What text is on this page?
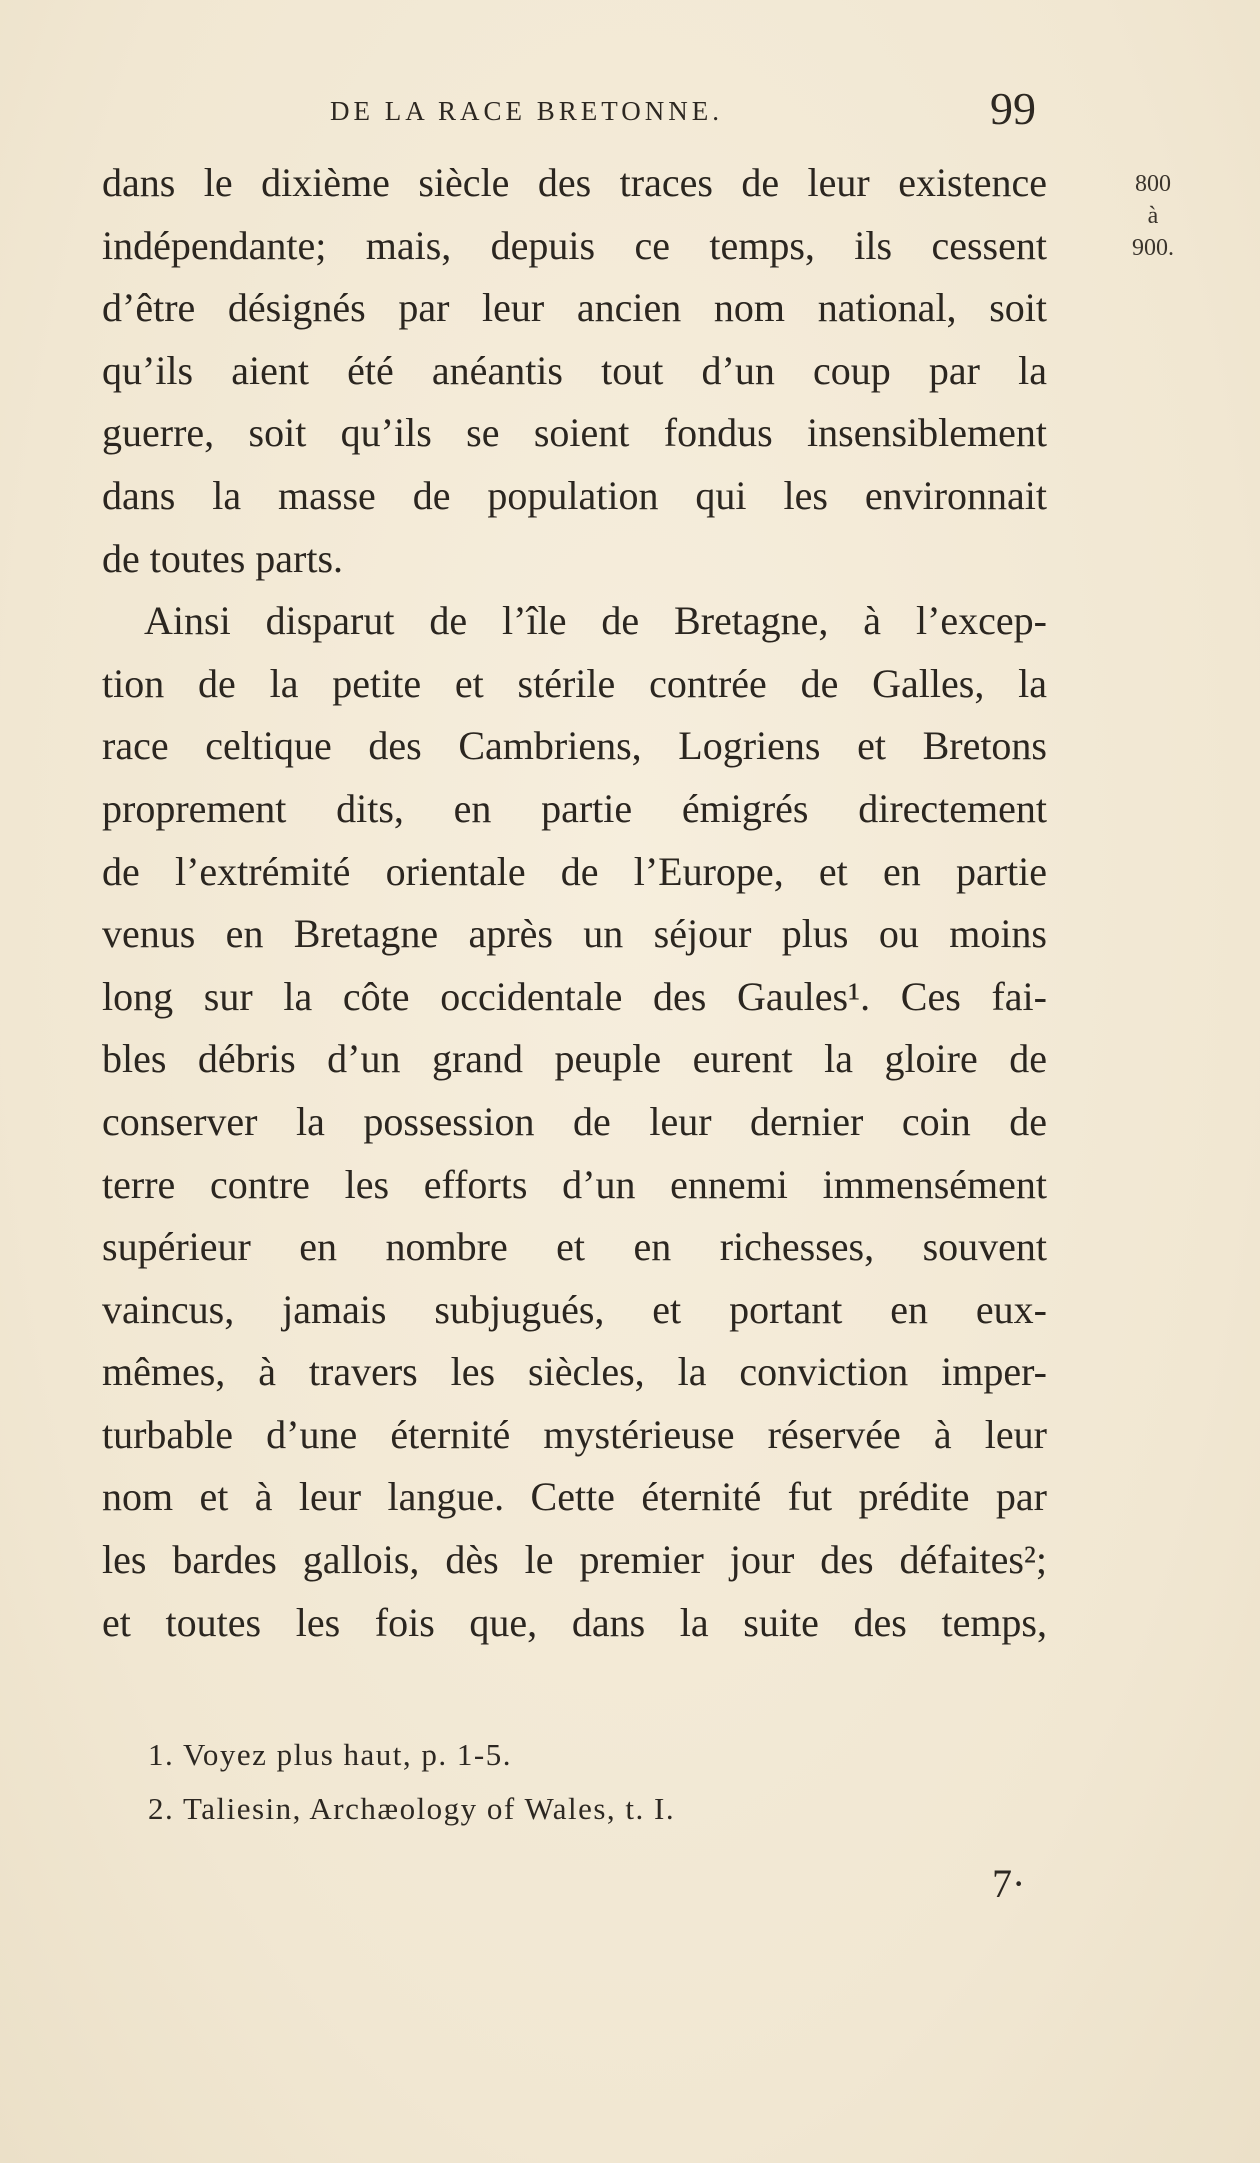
DE LA RACE BRETONNE.	99
800
à
900.
dans le dixième siècle des traces de leur existence
indépendante; mais, depuis ce temps, ils cessent
d’être désignés par leur ancien nom national, soit
qu’ils aient été anéantis tout d’un coup par la
guerre, soit qu’ils se soient fondus insensiblement
dans la masse de population qui les environnait
de toutes parts.
Ainsi disparut de l’île de Bretagne, à l’excep-
tion de la petite et stérile contrée de Galles, la
race celtique des Cambriens, Logriens et Bretons
proprement dits, en partie émigrés directement
de l’extrémité orientale de l’Europe, et en partie
venus en Bretagne après un séjour plus ou moins
long sur la côte occidentale des Gaules¹. Ces fai-
bles débris d’un grand peuple eurent la gloire de
conserver la possession de leur dernier coin de
terre contre les efforts d’un ennemi immensément
supérieur en nombre et en richesses, souvent
vaincus, jamais subjugués, et portant en eux-
mêmes, à travers les siècles, la conviction imper-
turbable d’une éternité mystérieuse réservée à leur
nom et à leur langue. Cette éternité fut prédite par
les bardes gallois, dès le premier jour des défaites²;
et toutes les fois que, dans la suite des temps,
1. Voyez plus haut, p. 1-5.
2. Taliesin, Archæology of Wales, t. I.
7·
